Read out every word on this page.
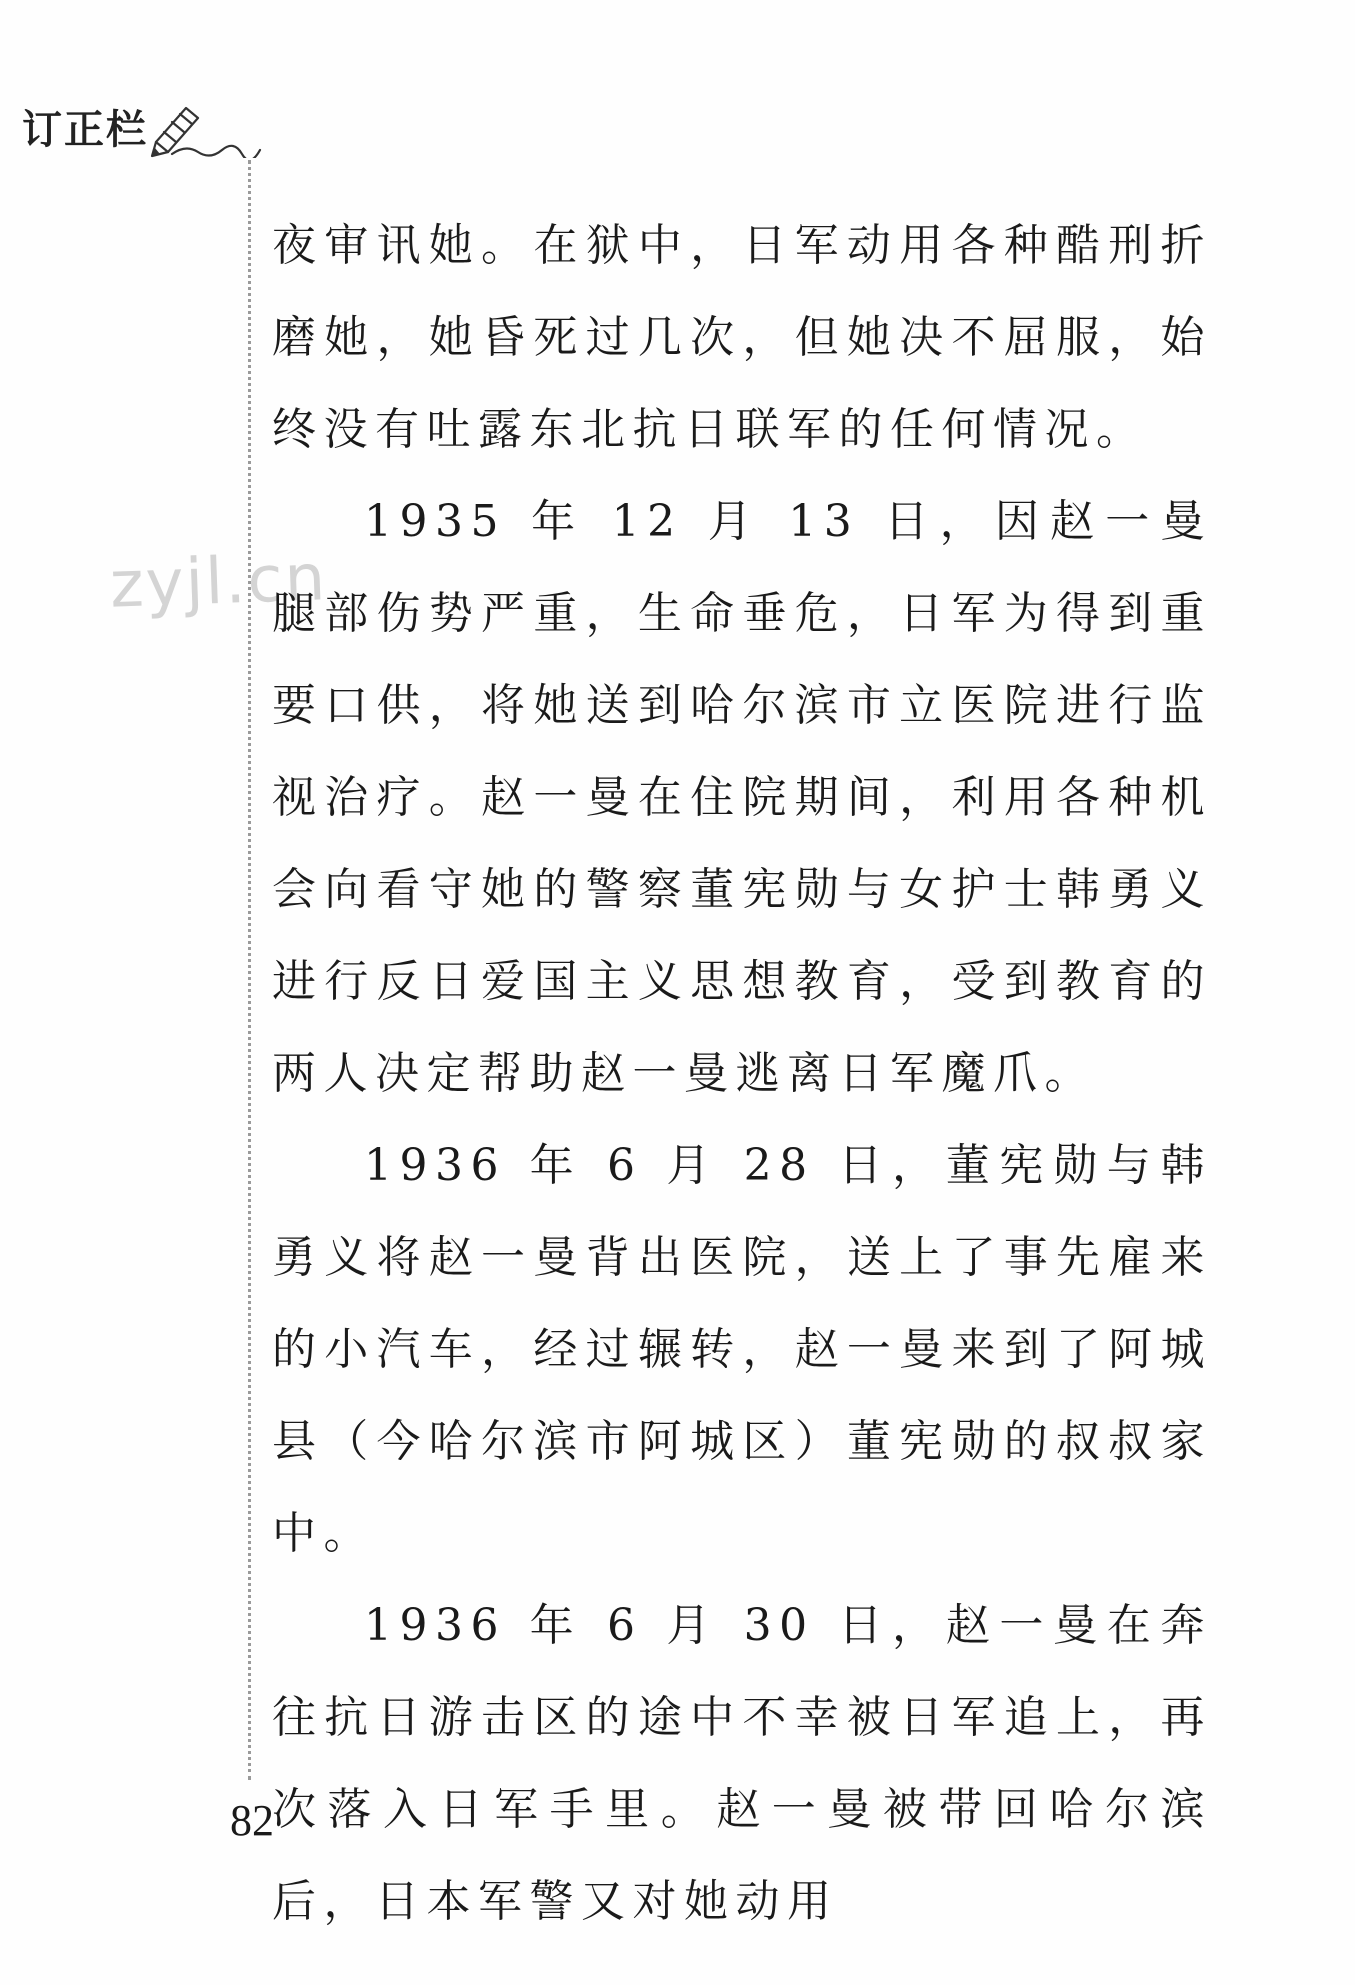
订正栏
zyjl.cn

夜审讯她。在狱中，日军动用各种酷刑折磨她，她昏死过几次，但她决不屈服，始终没有吐露东北抗日联军的任何情况。

1935 年 12 月 13 日，因赵一曼腿部伤势严重，生命垂危，日军为得到重要口供，将她送到哈尔滨市立医院进行监视治疗。赵一曼在住院期间，利用各种机会向看守她的警察董宪勋与女护士韩勇义进行反日爱国主义思想教育，受到教育的两人决定帮助赵一曼逃离日军魔爪。

1936 年 6 月 28 日，董宪勋与韩勇义将赵一曼背出医院，送上了事先雇来的小汽车，经过辗转，赵一曼来到了阿城县（今哈尔滨市阿城区）董宪勋的叔叔家中。

1936 年 6 月 30 日，赵一曼在奔往抗日游击区的途中不幸被日军追上，再次落入日军手里。赵一曼被带回哈尔滨后，日本军警又对她动用

82
